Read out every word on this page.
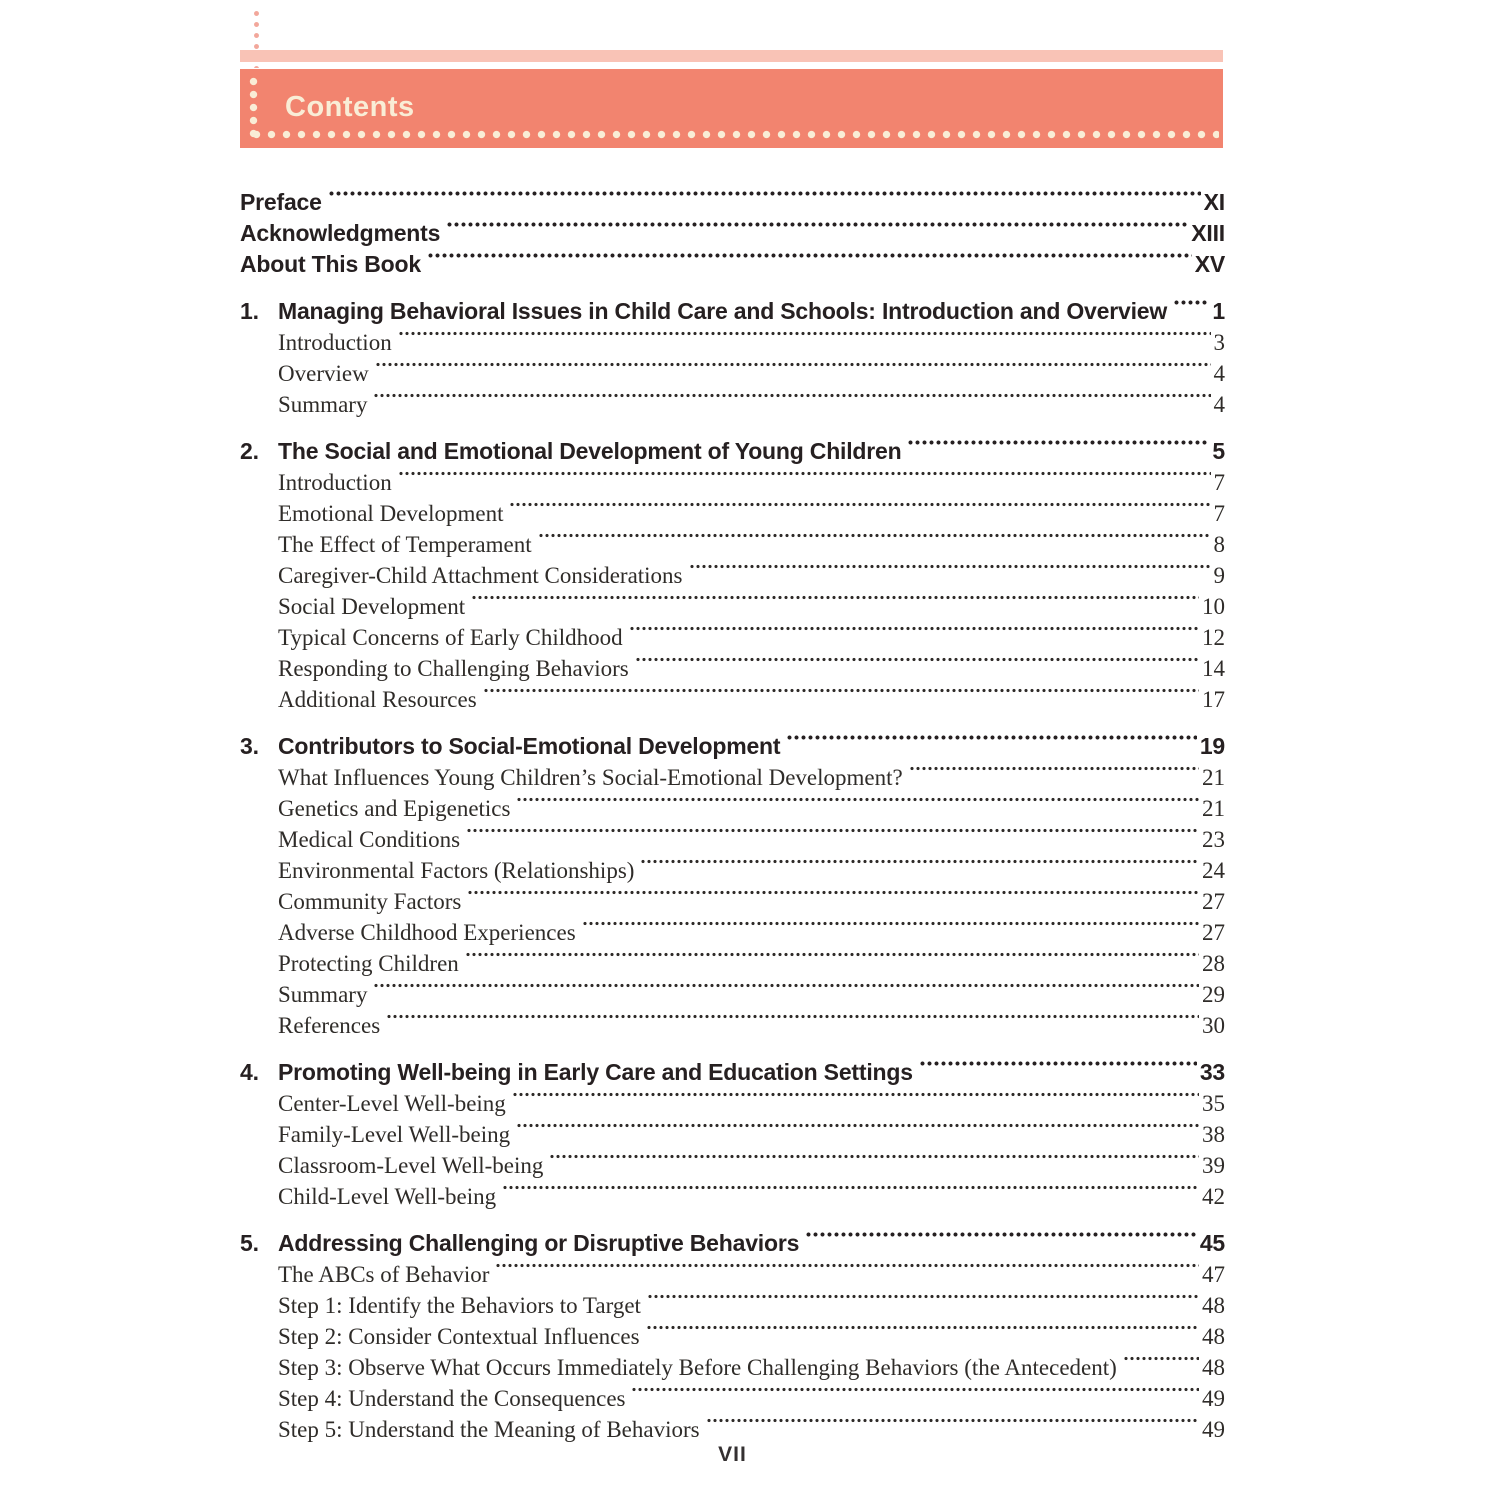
Contents
Preface	XI
Acknowledgments	XIII
About This Book	XV
1. Managing Behavioral Issues in Child Care and Schools: Introduction and Overview 1
Introduction	3
Overview	4
Summary	4
2. The Social and Emotional Development of Young Children	5
Introduction	7
Emotional Development	7
The Effect of Temperament	8
Caregiver-Child Attachment Considerations	9
Social Development	10
Typical Concerns of Early Childhood	12
Responding to Challenging Behaviors	14
Additional Resources	17
3. Contributors to Social-Emotional Development	19
What Influences Young Children’s Social-Emotional Development?	21
Genetics and Epigenetics	21
Medical Conditions	23
Environmental Factors (Relationships)	24
Community Factors	27
Adverse Childhood Experiences	27
Protecting Children	28
Summary	29
References	30
4. Promoting Well-being in Early Care and Education Settings	33
Center-Level Well-being	35
Family-Level Well-being	38
Classroom-Level Well-being	39
Child-Level Well-being	42
5. Addressing Challenging or Disruptive Behaviors	45
The ABCs of Behavior	47
Step 1: Identify the Behaviors to Target	48
Step 2: Consider Contextual Influences	48
Step 3: Observe What Occurs Immediately Before Challenging Behaviors (the Antecedent)	48
Step 4: Understand the Consequences	49
Step 5: Understand the Meaning of Behaviors	49
VII
